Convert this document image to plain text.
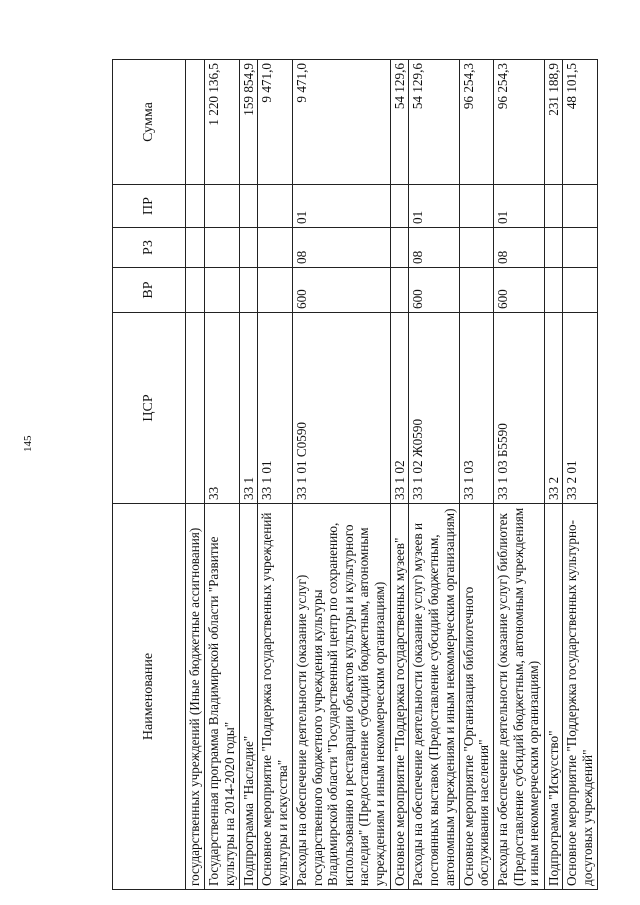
145
Наименование	ЦСР	ВР	РЗ	ПР	Сумма
государственных учреждений (Иные бюджетные ассигнования)					
Государственная программа Владимирской области "Развитие культуры на 2014-2020 годы"	33				1 220 136,5
Подпрограмма "Наследие"	33 1				159 854,9
Основное мероприятие "Поддержка государственных учреждений культуры и искусства"	33 1 01				9 471,0
Расходы на обеспечение деятельности (оказание услуг) государственного бюджетного учреждения культуры Владимирской области "Государственный центр по сохранению, использованию и реставрации объектов культуры и культурного наследия" (Предоставление субсидий бюджетным, автономным учреждениям и иным некоммерческим организациям)	33 1 01 С0590	600	08	01	9 471,0
Основное мероприятие "Поддержка государственных музеев"	33 1 02				54 129,6
Расходы на обеспечение деятельности (оказание услуг) музеев и постоянных выставок (Предоставление субсидий бюджетным, автономным учреждениям и иным некоммерческим организациям)	33 1 02 Ж0590	600	08	01	54 129,6
Основное мероприятие "Организация библиотечного обслуживания населения"	33 1 03				96 254,3
Расходы на обеспечение деятельности (оказание услуг) библиотек (Предоставление субсидий бюджетным, автономным учреждениям и иным некоммерческим организациям)	33 1 03 Б5590	600	08	01	96 254,3
Подпрограмма "Искусство"	33 2				231 188,9
Основное мероприятие "Поддержка государственных культурно-досуговых учреждений"	33 2 01				48 101,5
